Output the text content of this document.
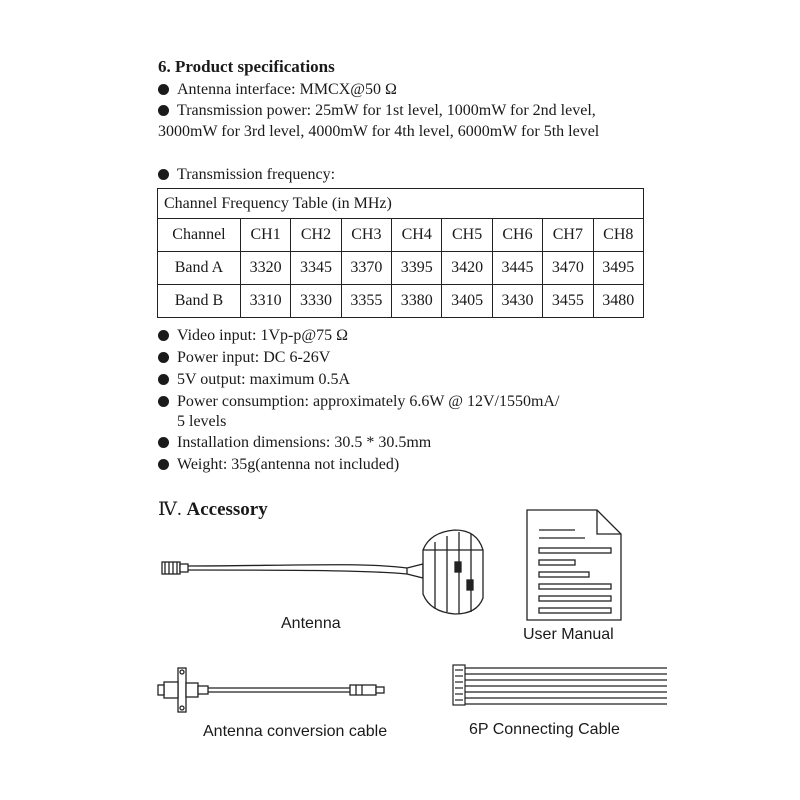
6. Product specifications
Antenna interface: MMCX@50 Ω
Transmission power: 25mW for 1st level, 1000mW for 2nd level, 3000mW for 3rd level, 4000mW for 4th level, 6000mW for 5th level
Transmission frequency:
Channel Frequency Table (in MHz)								
Channel	CH1	CH2	CH3	CH4	CH5	CH6	CH7	CH8
Band A	3320	3345	3370	3395	3420	3445	3470	3495
Band B	3310	3330	3355	3380	3405	3430	3455	3480
Video input: 1Vp-p@75 Ω
Power input: DC 6-26V
5V output: maximum 0.5A
Power consumption: approximately 6.6W @ 12V/1550mA/
5 levels
Installation dimensions: 30.5 * 30.5mm
Weight: 35g(antenna not included)
Ⅳ. Accessory
Antenna
User Manual
Antenna conversion cable	6P Connecting Cable
